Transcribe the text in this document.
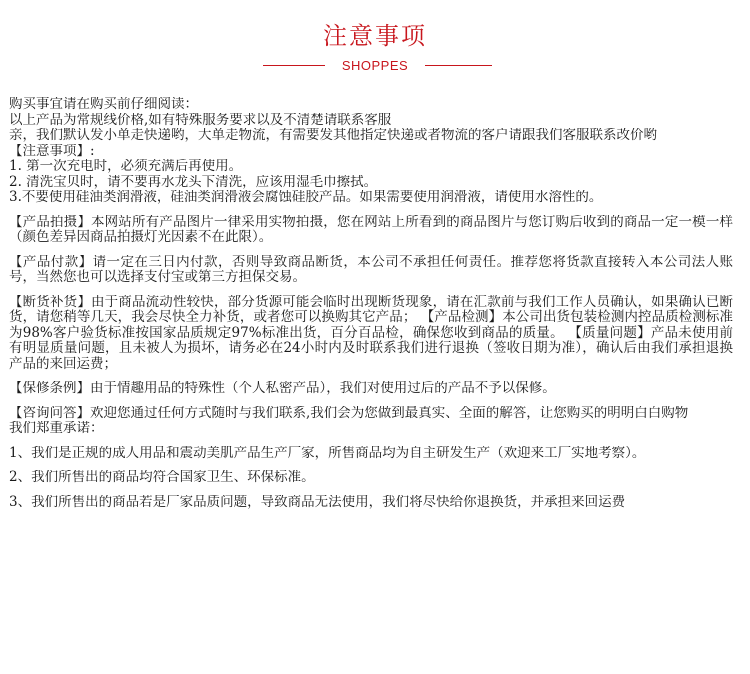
注意事项
SHOPPES
购买事宜请在购买前仔细阅读：
以上产品为常规线价格,如有特殊服务要求以及不清楚请联系客服
亲，我们默认发小单走快递哟，大单走物流，有需要发其他指定快递或者物流的客户请跟我们客服联系改价哟
【注意事项】:
1. 第一次充电时，必须充满后再使用。
2. 清洗宝贝时，请不要再水龙头下清洗，应该用湿毛巾擦拭。
3.不要使用硅油类润滑液，硅油类润滑液会腐蚀硅胶产品。如果需要使用润滑液，请使用水溶性的。
【产品拍摄】本网站所有产品图片一律采用实物拍摄，您在网站上所看到的商品图片与您订购后收到的商品一定一模一样（颜色差异因商品拍摄灯光因素不在此限）。
【产品付款】请一定在三日内付款，否则导致商品断货，本公司不承担任何责任。推荐您将货款直接转入本公司法人账号，当然您也可以选择支付宝或第三方担保交易。
【断货补货】由于商品流动性较快，部分货源可能会临时出现断货现象，请在汇款前与我们工作人员确认，如果确认已断货，请您稍等几天，我会尽快全力补货，或者您可以换购其它产品； 【产品检测】本公司出货包装检测内控品质检测标准为98%客户验货标准按国家品质规定97%标准出货，百分百品检，确保您收到商品的质量。 【质量问题】产品未使用前有明显质量问题，且未被人为损坏，请务必在24小时内及时联系我们进行退换（签收日期为准），确认后由我们承担退换产品的来回运费；
【保修条例】由于情趣用品的特殊性（个人私密产品），我们对使用过后的产品不予以保修。
【咨询问答】欢迎您通过任何方式随时与我们联系,我们会为您做到最真实、全面的解答，让您购买的明明白白购物
我们郑重承诺：
1、我们是正规的成人用品和震动美肌产品生产厂家，所售商品均为自主研发生产（欢迎来工厂实地考察）。
2、我们所售出的商品均符合国家卫生、环保标准。
3、我们所售出的商品若是厂家品质问题，导致商品无法使用，我们将尽快给你退换货，并承担来回运费
